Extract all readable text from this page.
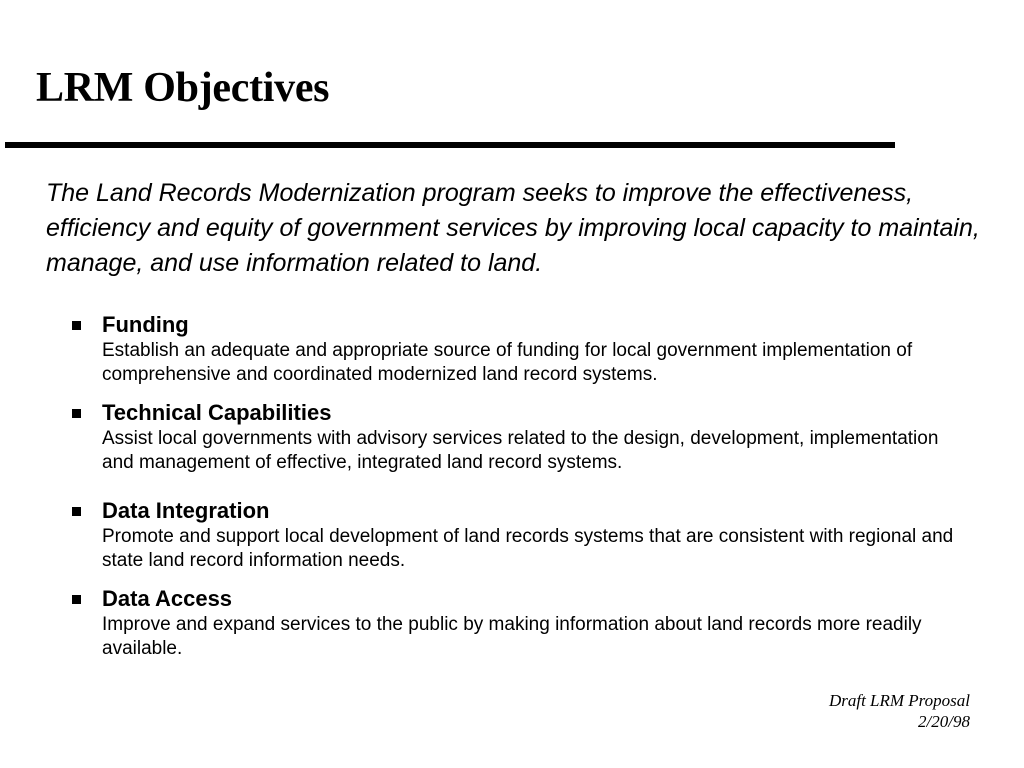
LRM Objectives

The Land Records Modernization program seeks to improve the effectiveness, efficiency and equity of government services by improving local capacity to maintain, manage, and use information related to land.

Funding
Establish an adequate and appropriate source of funding for local government implementation of comprehensive and coordinated modernized land record systems.
Technical Capabilities
Assist local governments with advisory services related to the design, development, implementation and management of effective, integrated land record systems.
Data Integration
Promote and support local development of land records systems that are consistent with regional and state land record information needs.
Data Access
Improve and expand services to the public by making information about land records more readily available.
Draft LRM Proposal
2/20/98
